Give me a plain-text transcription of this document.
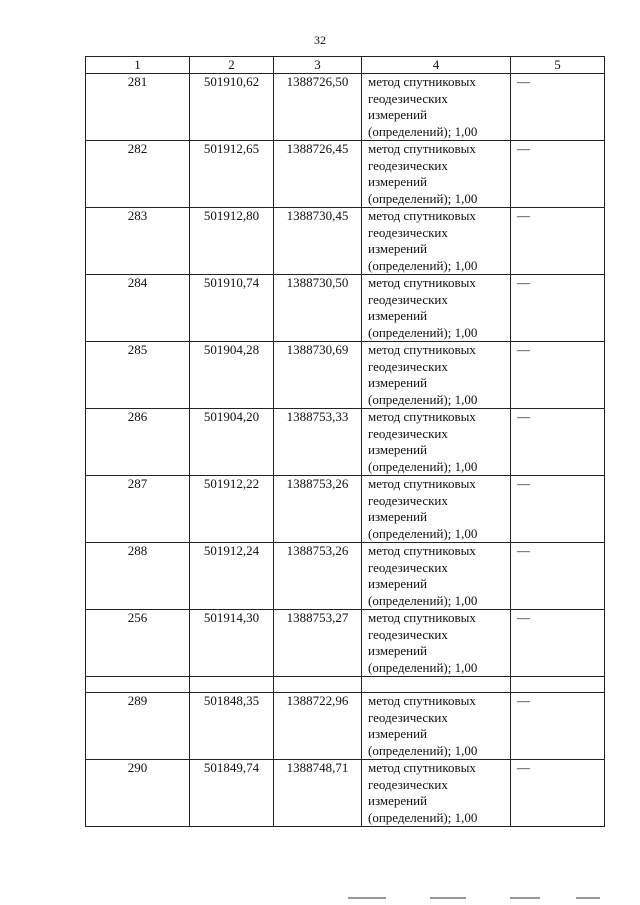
32
1	2	3	4	5
281	501910,62	1388726,50	метод спутниковых геодезических измерений (определений); 1,00	—
282	501912,65	1388726,45	метод спутниковых геодезических измерений (определений); 1,00	—
283	501912,80	1388730,45	метод спутниковых геодезических измерений (определений); 1,00	—
284	501910,74	1388730,50	метод спутниковых геодезических измерений (определений); 1,00	—
285	501904,28	1388730,69	метод спутниковых геодезических измерений (определений); 1,00	—
286	501904,20	1388753,33	метод спутниковых геодезических измерений (определений); 1,00	—
287	501912,22	1388753,26	метод спутниковых геодезических измерений (определений); 1,00	—
288	501912,24	1388753,26	метод спутниковых геодезических измерений (определений); 1,00	—
256	501914,30	1388753,27	метод спутниковых геодезических измерений (определений); 1,00	—

289	501848,35	1388722,96	метод спутниковых геодезических измерений (определений); 1,00	—
290	501849,74	1388748,71	метод спутниковых геодезических измерений (определений); 1,00	—
